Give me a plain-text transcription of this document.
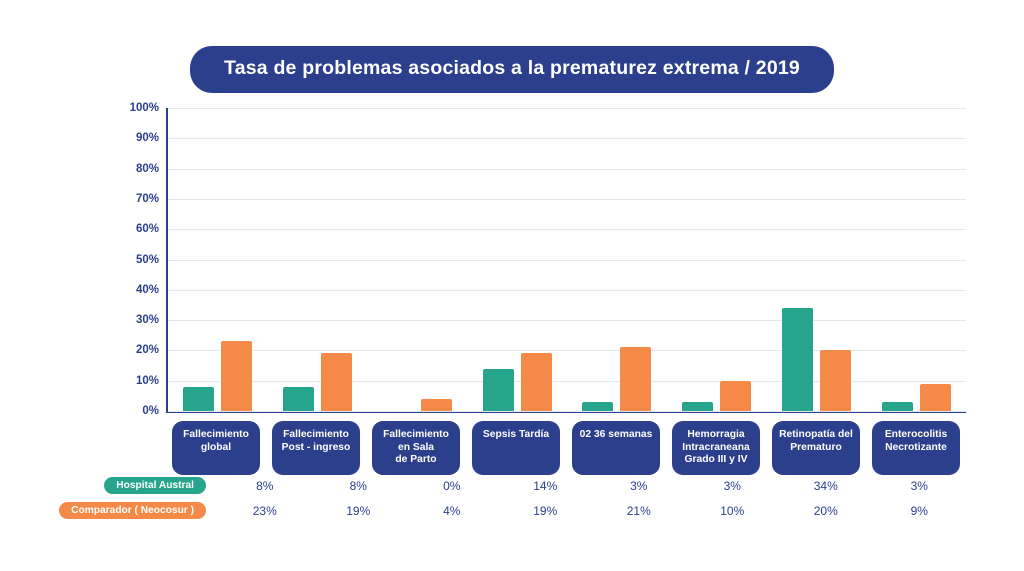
Tasa de problemas asociados a la prematurez extrema / 2019
100%
90%
80%
70%
60%
50%
40%
30%
20%
10%
0%
Fallecimiento
global
Fallecimiento
Post - ingreso
Fallecimiento
en Sala
de Parto
Sepsis Tardía	02 36 semanas	Hemorragia
Intracraneana
Grado III y IV
Retinopatía del
Prematuro
Enterocolitis
Necrotizante
Hospital Austral	8%	8%	0%	14%	3%	3%	34%	3%
Comparador ( Neocosur )	23%	19%	4%	19%	21%	10%	20%	9%
